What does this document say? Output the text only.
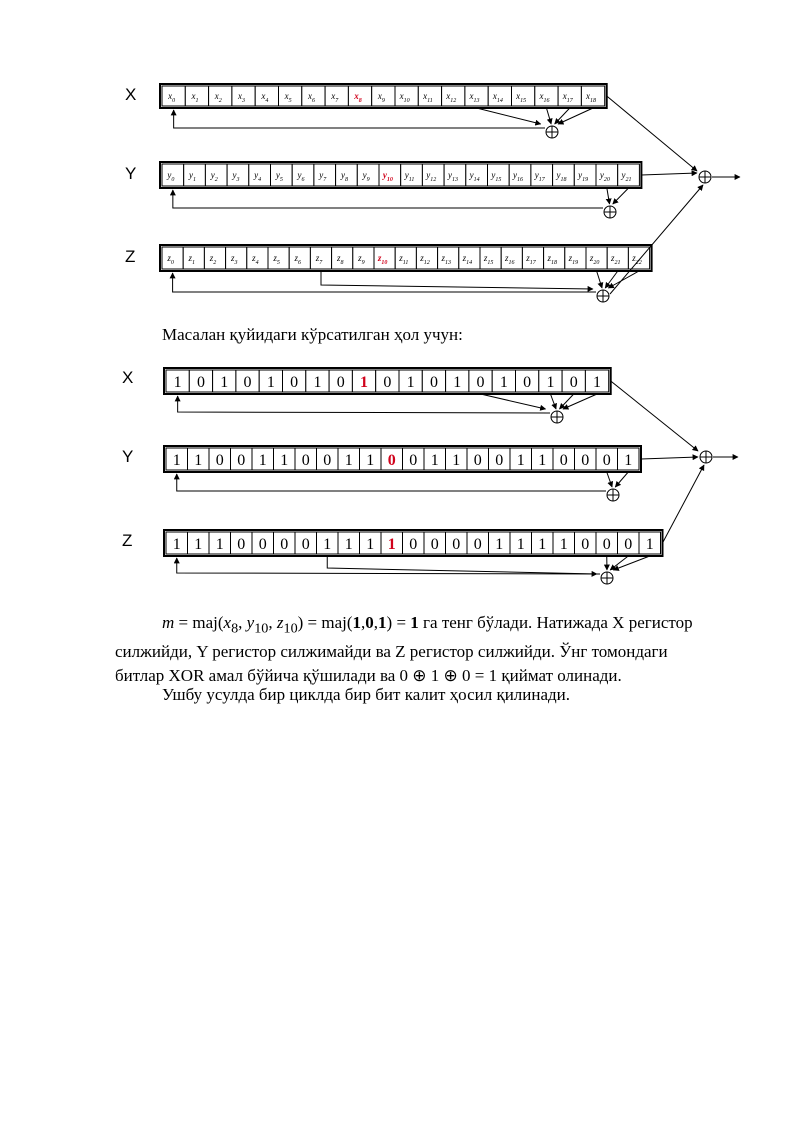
X	$x_0$ $x_1$ $x_2$ $x_3$ $x_4$ $x_5$ $x_6$ $x_7$ $x_8$ $x_9$ $x_{10}$ $x_{11}$ $x_{12}$ $x_{13}$ $x_{14}$ $x_{15}$ $x_{16}$ $x_{17}$ $x_{18}$
Y	$y_0$ $y_1$ $y_2$ $y_3$ $y_4$ $y_5$ $y_6$ $y_7$ $y_8$ $y_9$ $y_{10}$ $y_{11}$ $y_{12}$ $y_{13}$ $y_{14}$ $y_{15}$ $y_{16}$ $y_{17}$ $y_{18}$ $y_{19}$ $y_{20}$ $y_{21}$
Z	$z_0$ $z_1$ $z_2$ $z_3$ $z_4$ $z_5$ $z_6$ $z_7$ $z_8$ $z_9$ $z_{10}$ $z_{11}$ $z_{12}$ $z_{13}$ $z_{14}$ $z_{15}$ $z_{16}$ $z_{17}$ $z_{18}$ $z_{19}$ $z_{20}$ $z_{21}$ $z_{22}$
X	1 0 1 0 1 0 1 0 1 0 1 0 1 0 1 0 1 0 1
Y 1 1 0 0 1 1 0 0 1 1 0 0 1 1 0 0 1 1 0 0 0 1
Z	1 1 1 0 0 0 0 1 1 1 1 0 0 0 0 1 1 1 1 0 0 0 1
Масалан қуйидаги кўрсатилган ҳол учун:
$m = maj(x_8$, $y_{10}$, $z_{10}) = maj(1,0,1) = 1$ га тенг бўлади. Натижада X регистор
силжийди, Y регистор силжимайди ва Z регистор силжийди. Ўнг томондаги
битлар XOR амал бўйича қўшилади ва 0 ⊕ 1 ⊕ 0 = 1 қиймат олинади.
Ушбу усулда бир циклда бир бит калит ҳосил қилинади.
